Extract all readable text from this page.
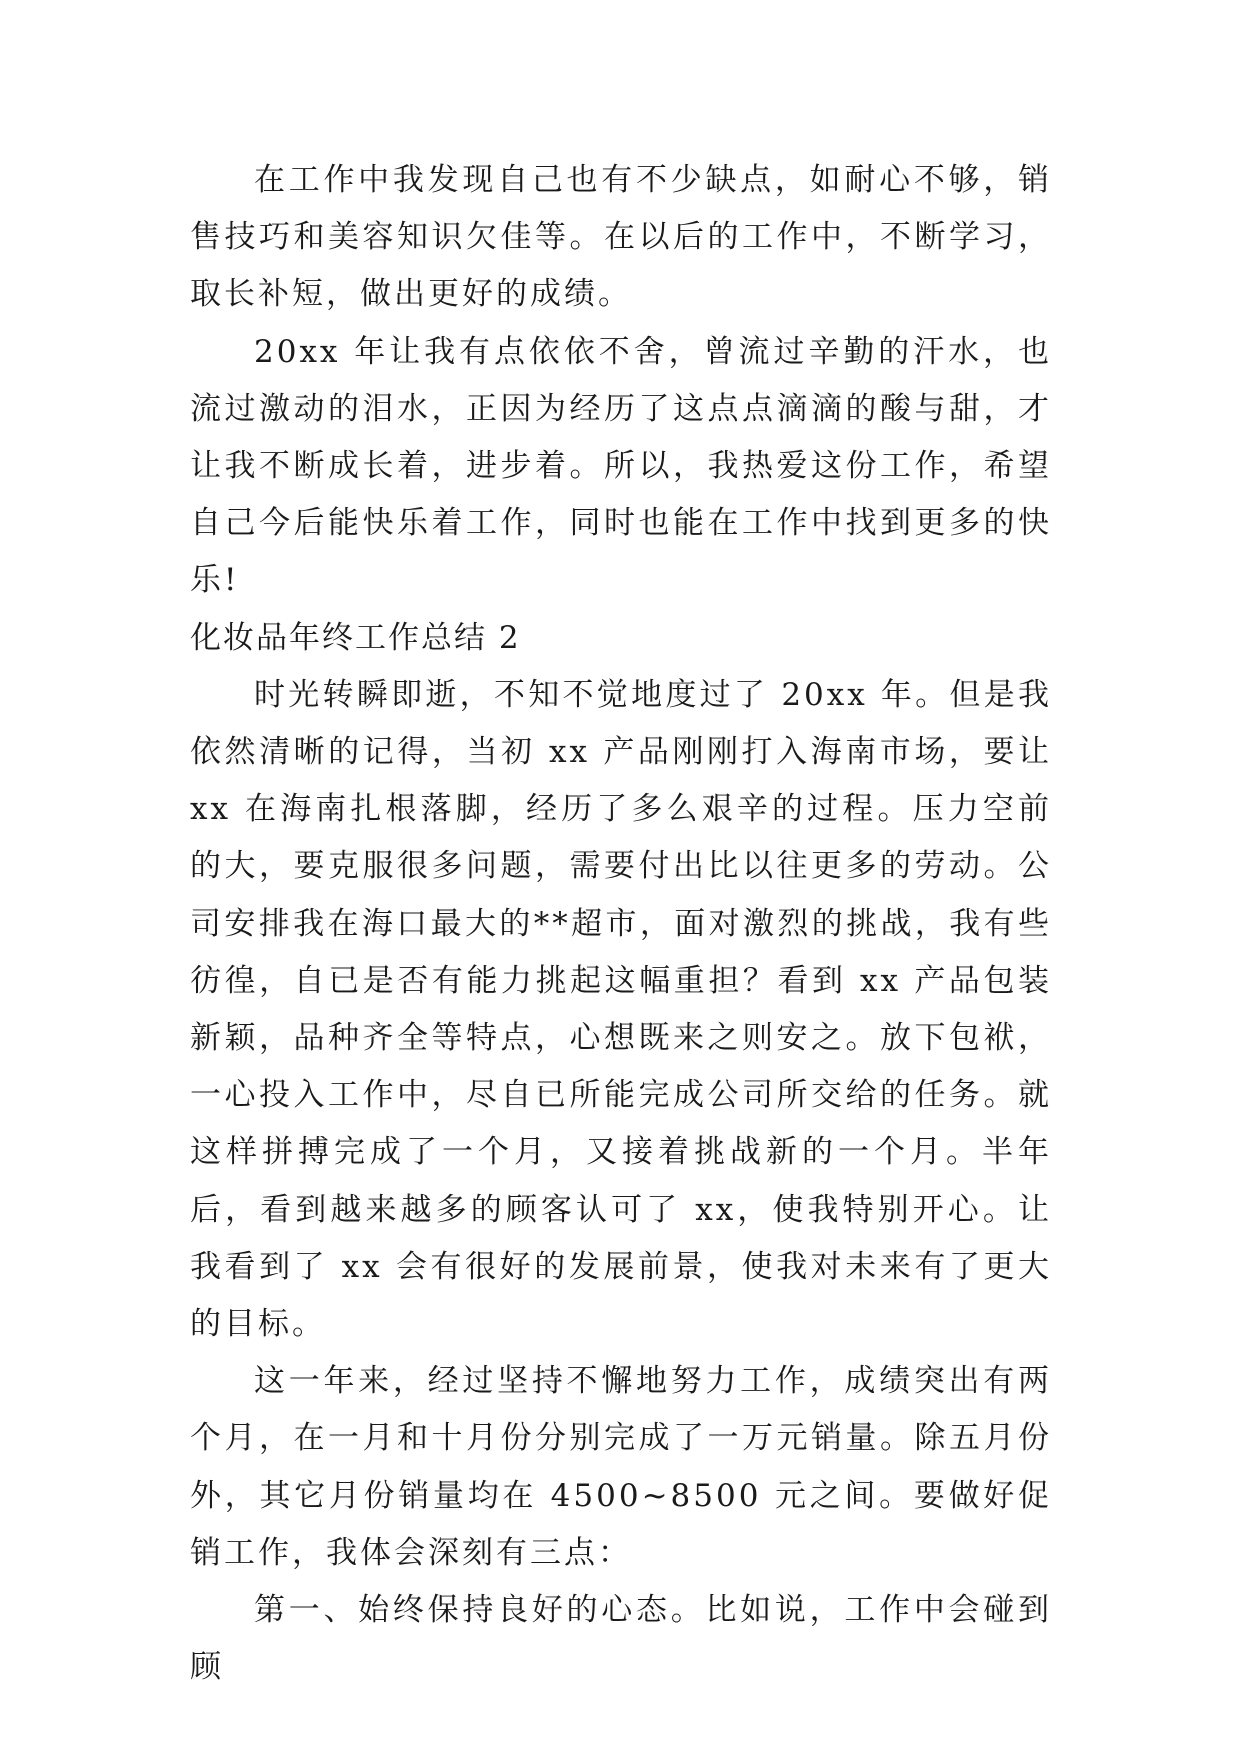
在工作中我发现自己也有不少缺点，如耐心不够，销售技巧和美容知识欠佳等。在以后的工作中，不断学习，取长补短，做出更好的成绩。

20xx 年让我有点依依不舍，曾流过辛勤的汗水，也流过激动的泪水，正因为经历了这点点滴滴的酸与甜，才让我不断成长着，进步着。所以，我热爱这份工作，希望自己今后能快乐着工作，同时也能在工作中找到更多的快乐!

化妆品年终工作总结 2

时光转瞬即逝，不知不觉地度过了 20xx 年。但是我依然清晰的记得，当初 xx 产品刚刚打入海南市场，要让 xx 在海南扎根落脚，经历了多么艰辛的过程。压力空前的大，要克服很多问题，需要付出比以往更多的劳动。公司安排我在海口最大的**超市，面对激烈的挑战，我有些彷徨，自已是否有能力挑起这幅重担？看到 xx 产品包装新颖，品种齐全等特点，心想既来之则安之。放下包袱，一心投入工作中，尽自已所能完成公司所交给的任务。就这样拼搏完成了一个月，又接着挑战新的一个月。半年后，看到越来越多的顾客认可了 xx，使我特别开心。让我看到了 xx 会有很好的发展前景，使我对未来有了更大的目标。

这一年来，经过坚持不懈地努力工作，成绩突出有两个月，在一月和十月份分别完成了一万元销量。除五月份外，其它月份销量均在 4500~8500 元之间。要做好促销工作，我体会深刻有三点：

第一、始终保持良好的心态。比如说，工作中会碰到顾
